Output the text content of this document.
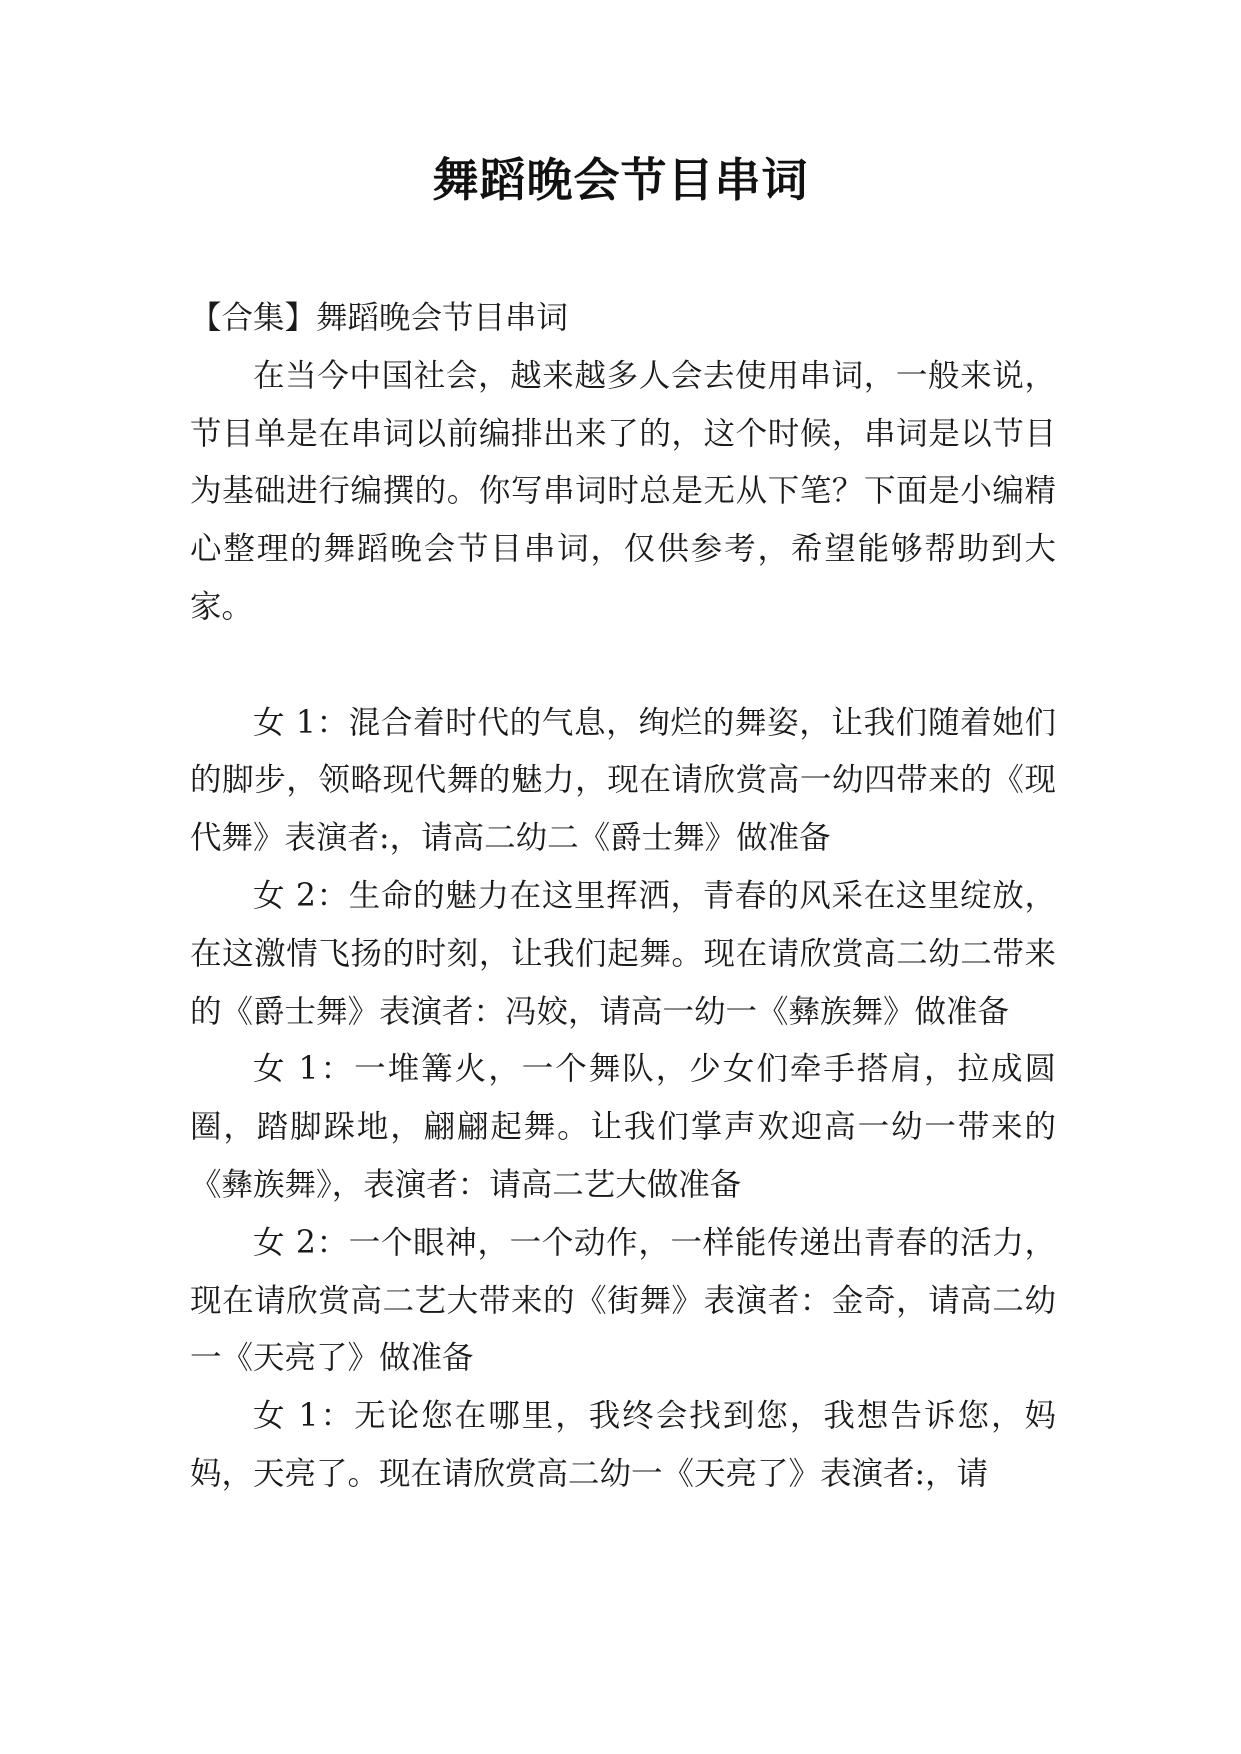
舞蹈晚会节目串词

【合集】舞蹈晚会节目串词

在当今中国社会，越来越多人会去使用串词，一般来说，节目单是在串词以前编排出来了的，这个时候，串词是以节目为基础进行编撰的。你写串词时总是无从下笔？下面是小编精心整理的舞蹈晚会节目串词，仅供参考，希望能够帮助到大家。

女 1：混合着时代的气息，绚烂的舞姿，让我们随着她们的脚步，领略现代舞的魅力，现在请欣赏高一幼四带来的《现代舞》表演者:，请高二幼二《爵士舞》做准备

女 2：生命的魅力在这里挥洒，青春的风采在这里绽放，在这激情飞扬的时刻，让我们起舞。现在请欣赏高二幼二带来的《爵士舞》表演者：冯姣，请高一幼一《彝族舞》做准备

女 1：一堆篝火，一个舞队，少女们牵手搭肩，拉成圆圈，踏脚跺地，翩翩起舞。让我们掌声欢迎高一幼一带来的《彝族舞》，表演者：请高二艺大做准备

女 2：一个眼神，一个动作，一样能传递出青春的活力，现在请欣赏高二艺大带来的《街舞》表演者：金奇，请高二幼一《天亮了》做准备

女 1：无论您在哪里，我终会找到您，我想告诉您，妈妈，天亮了。现在请欣赏高二幼一《天亮了》表演者:，请
